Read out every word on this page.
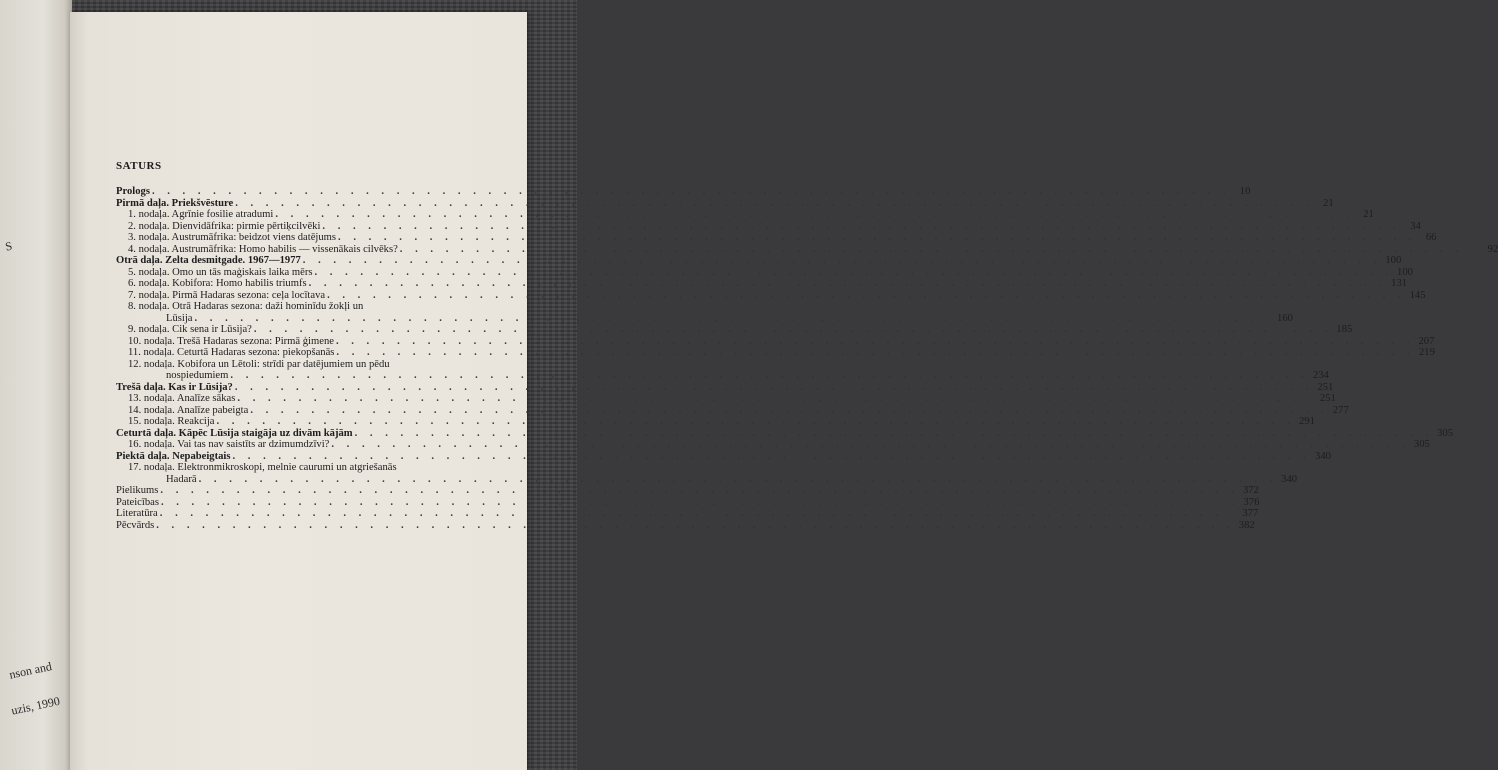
S
nson and
uzis, 1990
SATURS
Prologs . . .	10
Pirmā daļa. Priekšvēsture . . .	21
1. nodaļa. Agrīnie fosilie atradumi . . .	21
2. nodaļa. Dienvidāfrika: pirmie pērtiķcilvēki . . .	34
3. nodaļa. Austrumāfrika: beidzot viens datējums . . .	66
4. nodaļa. Austrumāfrika: Homo habilis — vissenākais cilvēks? . . .	92
Otrā daļa. Zelta desmitgade. 1967—1977 . . .	100
5. nodaļa. Omo un tās maģiskais laika mērs . . .	100
6. nodaļa. Kobifora: Homo habilis triumfs . . .	131
7. nodaļa. Pirmā Hadaras sezona: ceļa locītava . . .	145
8. nodaļa. Otrā Hadaras sezona: daži hominīdu žokļi un
Lūsija . . .	160
9. nodaļa. Cik sena ir Lūsija? . . .	185
10. nodaļa. Trešā Hadaras sezona: Pirmā ģimene . . .	207
11. nodaļa. Ceturtā Hadaras sezona: piekopšanās . . .	219
12. nodaļa. Kobifora un Lētoli: strīdi par datējumiem un pēdu
nospiedumiem . . .	234
Trešā daļa. Kas ir Lūsija? . . .	251
13. nodaļa. Analīze sākas . . .	251
14. nodaļa. Analīze pabeigta . . .	277
15. nodaļa. Reakcija . . .	291
Ceturtā daļa. Kāpēc Lūsija staigāja uz divām kājām . . .	305
16. nodaļa. Vai tas nav saistīts ar dzimumdzīvi? . . .	305
Piektā daļa. Nepabeigtais . . .	340
17. nodaļa. Elektronmikroskopi, melnie caurumi un atgriešanās
Hadarā . . .	340
Pielikums . . .	372
Pateicības . . .	376
Literatūra . . .	377
Pēcvārds . . .	382
